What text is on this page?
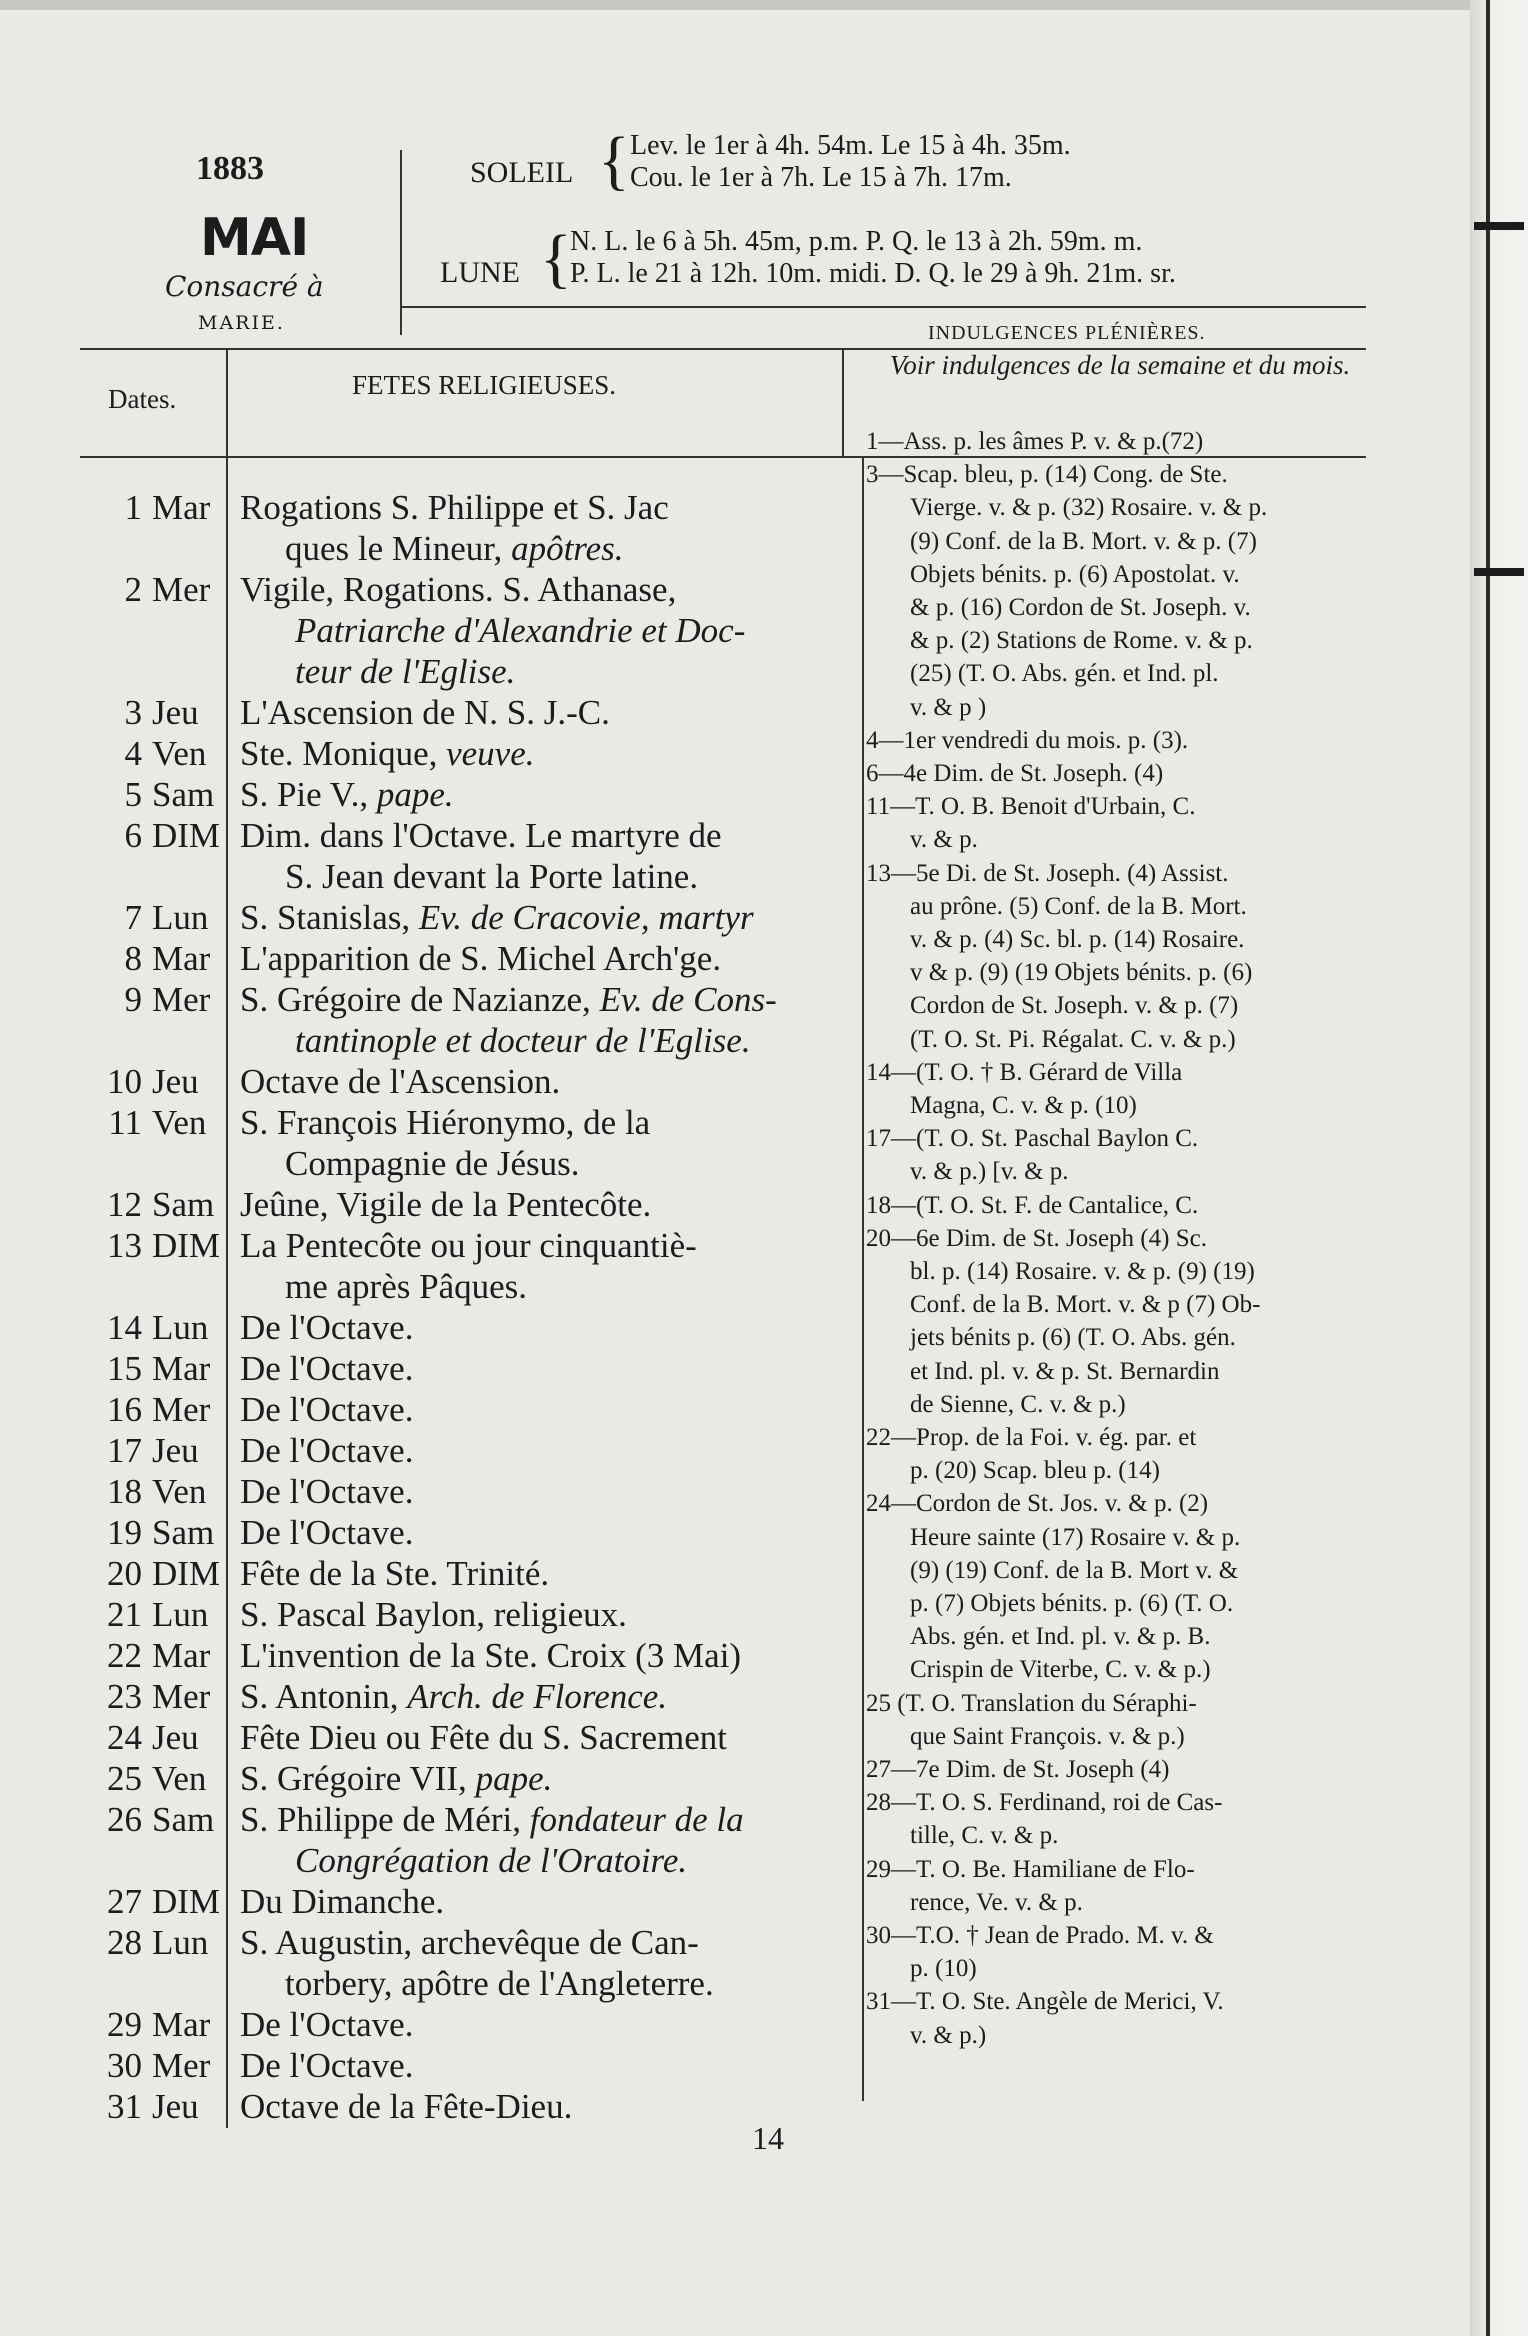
1883
MAI
Consacré à
MARIE.
SOLEIL { Lev. le 1er à 4h. 54m. Le 15 à 4h. 35m.
Cou. le 1er à 7h. Le 15 à 7h. 17m.
LUNE {
N. L. le 6 à 5h. 45m, p.m. P. Q. le 13 à 2h. 59m. m.
P. L. le 21 à 12h. 10m. midi. D. Q. le 29 à 9h. 21m. sr.
Dates.	FETES RELIGIEUSES.
INDULGENCES PLÉNIÈRES.
Voir indulgences de la semaine et du mois.
1 Mar Rogations S. Philippe et S. Jac
ques le Mineur, apôtres.
2 Mer Vigile, Rogations. S. Athanase,
Patriarche d'Alexandrie et Doc-
teur de l'Eglise.
3 Jeu L'Ascension de N. S. J.-C.
4 Ven Ste. Monique, veuve.
5 Sam S. Pie V., pape.
6 DIM Dim. dans l'Octave. Le martyre de
S. Jean devant la Porte latine.
7 Lun S. Stanislas, Ev. de Cracovie, martyr
8 Mar L'apparition de S. Michel Arch'ge.
9 Mer S. Grégoire de Nazianze, Ev. de Cons-
tantinople et docteur de l'Eglise.
10 Jeu Octave de l'Ascension.
11 Ven S. François Hiéronymo, de la
Compagnie de Jésus.
12 Sam Jeûne, Vigile de la Pentecôte.
13 DIM La Pentecôte ou jour cinquantiè-
me après Pâques.
14 Lun De l'Octave.
15 Mar De l'Octave.
16 Mer De l'Octave.
17 Jeu De l'Octave.
18 Ven De l'Octave.
19 Sam De l'Octave.
20 DIM Fête de la Ste. Trinité.
21 Lun S. Pascal Baylon, religieux.
22 Mar L'invention de la Ste. Croix (3 Mai)
23 Mer S. Antonin, Arch. de Florence.
24 Jeu Fête Dieu ou Fête du S. Sacrement
25 Ven S. Grégoire VII, pape.
26 Sam S. Philippe de Méri, fondateur de la
Congrégation de l'Oratoire.
27 DIM Du Dimanche.
28 Lun S. Augustin, archevêque de Can-
torbery, apôtre de l'Angleterre.
29 Mar De l'Octave.
30 Mer De l'Octave.
31 Jeu Octave de la Fête-Dieu.
1—Ass. p. les âmes P. v. & p.(72)
3—Scap. bleu, p. (14) Cong. de Ste.
Vierge. v. & p. (32) Rosaire. v. & p.
(9) Conf. de la B. Mort. v. & p. (7)
Objets bénits. p. (6) Apostolat. v.
& p. (16) Cordon de St. Joseph. v.
& p. (2) Stations de Rome. v. & p.
(25) (T. O. Abs. gén. et Ind. pl.
v. & p )
4—1er vendredi du mois. p. (3).
6—4e Dim. de St. Joseph. (4)
11—T. O. B. Benoit d'Urbain, C.
v. & p.
13—5e Di. de St. Joseph. (4) Assist.
au prône. (5) Conf. de la B. Mort.
v. & p. (4) Sc. bl. p. (14) Rosaire.
v & p. (9) (19 Objets bénits. p. (6)
Cordon de St. Joseph. v. & p. (7)
(T. O. St. Pi. Régalat. C. v. & p.)
14—(T. O. † B. Gérard de Villa
Magna, C. v. & p. (10)
17—(T. O. St. Paschal Baylon C.
v. & p.) [v. & p.
18—(T. O. St. F. de Cantalice, C.
20—6e Dim. de St. Joseph (4) Sc.
bl. p. (14) Rosaire. v. & p. (9) (19)
Conf. de la B. Mort. v. & p (7) Ob-
jets bénits p. (6) (T. O. Abs. gén.
et Ind. pl. v. & p. St. Bernardin
de Sienne, C. v. & p.)
22—Prop. de la Foi. v. ég. par. et
p. (20) Scap. bleu p. (14)
24—Cordon de St. Jos. v. & p. (2)
Heure sainte (17) Rosaire v. & p.
(9) (19) Conf. de la B. Mort v. &
p. (7) Objets bénits. p. (6) (T. O.
Abs. gén. et Ind. pl. v. & p. B.
Crispin de Viterbe, C. v. & p.)
25 (T. O. Translation du Séraphi-
que Saint François. v. & p.)
27—7e Dim. de St. Joseph (4)
28—T. O. S. Ferdinand, roi de Cas-
tille, C. v. & p.
29—T. O. Be. Hamiliane de Flo-
rence, Ve. v. & p.
30—T.O. † Jean de Prado. M. v. &
p. (10)
31—T. O. Ste. Angèle de Merici, V.
v. & p.)
14
